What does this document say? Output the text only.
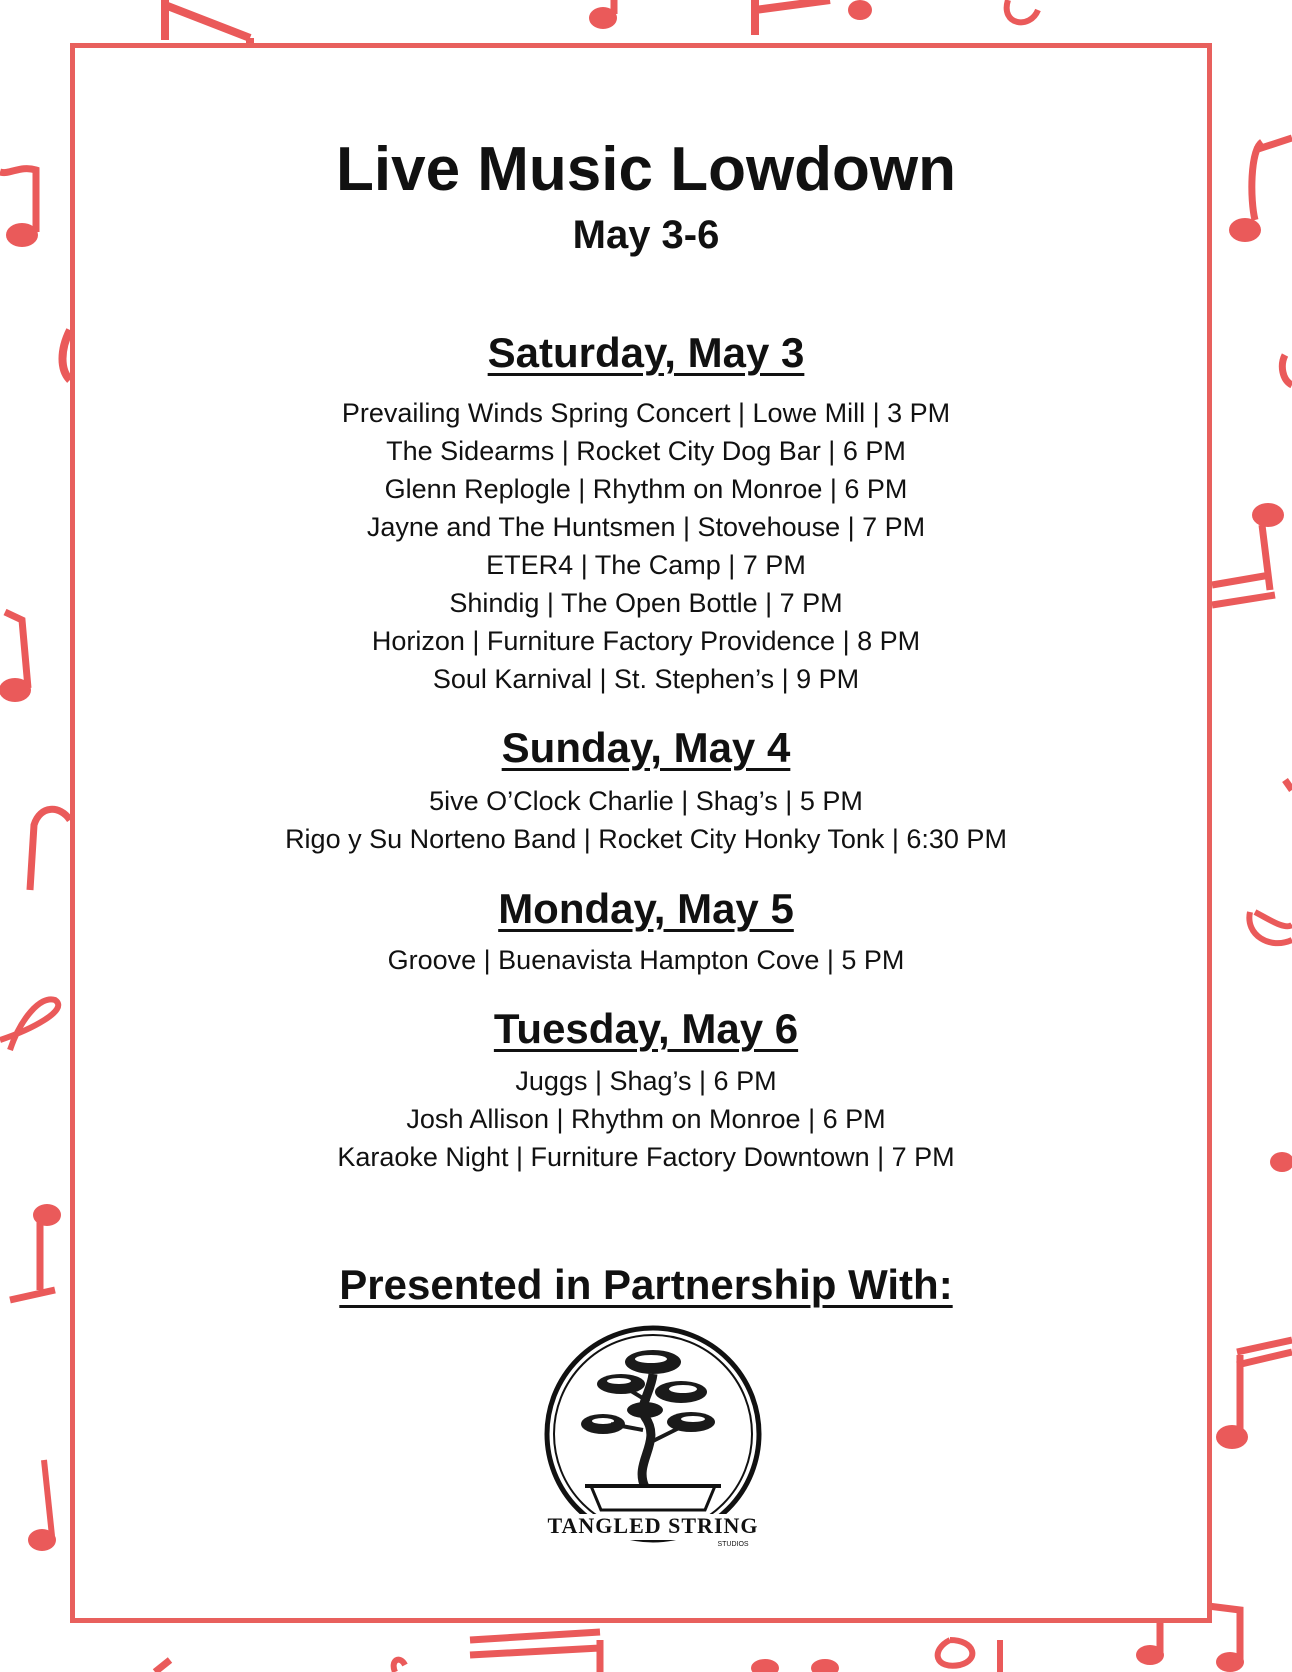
Live Music Lowdown
May 3-6
Saturday, May 3
Prevailing Winds Spring Concert | Lowe Mill | 3 PM
The Sidearms | Rocket City Dog Bar | 6 PM
Glenn Replogle | Rhythm on Monroe | 6 PM
Jayne and The Huntsmen | Stovehouse | 7 PM
ETER4 | The Camp | 7 PM
Shindig | The Open Bottle | 7 PM
Horizon | Furniture Factory Providence | 8 PM
Soul Karnival | St. Stephen’s | 9 PM
Sunday, May 4
5ive O’Clock Charlie | Shag’s | 5 PM
Rigo y Su Norteno Band | Rocket City Honky Tonk | 6:30 PM
Monday, May 5
Groove | Buenavista Hampton Cove | 5 PM
Tuesday, May 6
Juggs | Shag’s | 6 PM
Josh Allison | Rhythm on Monroe | 6 PM
Karaoke Night | Furniture Factory Downtown | 7 PM
Presented in Partnership With:
TANGLED STRING
STUDIOS
